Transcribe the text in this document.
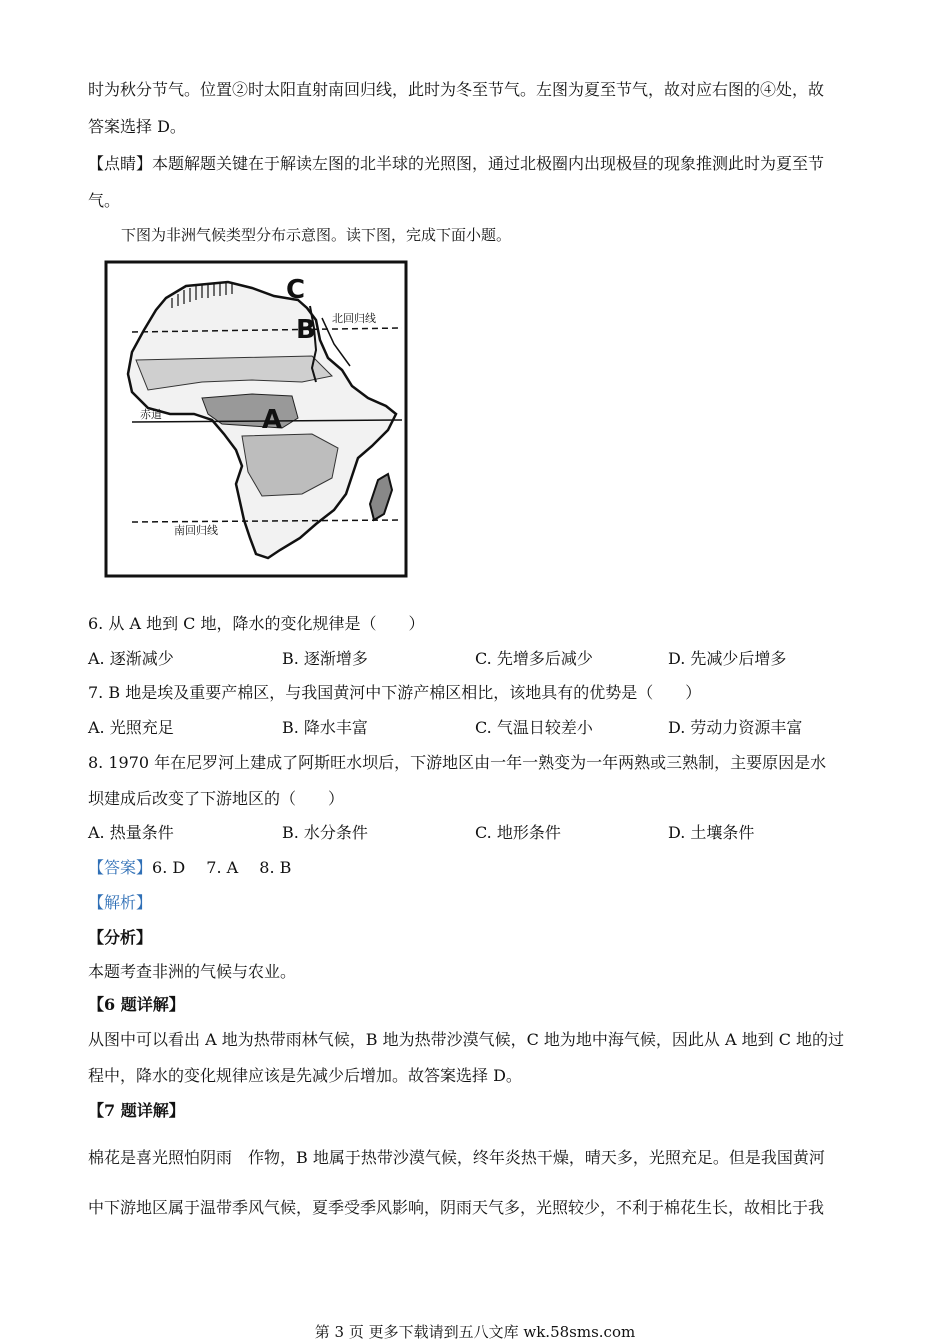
时为秋分节气。位置②时太阳直射南回归线，此时为冬至节气。左图为夏至节气，故对应右图的④处，故
答案选择 D。
【点睛】本题解题关键在于解读左图的北半球的光照图，通过北极圈内出现极昼的现象推测此时为夏至节
气。
下图为非洲气候类型分布示意图。读下图，完成下面小题。
北回归线
赤道
南回归线
C
B
A
6. 从 A 地到 C 地，降水的变化规律是（　　）
A. 逐渐减少	B. 逐渐增多	C. 先增多后减少	D. 先减少后增多
7. B 地是埃及重要产棉区，与我国黄河中下游产棉区相比，该地具有的优势是（　　）
A. 光照充足	B. 降水丰富	C. 气温日较差小	D. 劳动力资源丰富
8. 1970 年在尼罗河上建成了阿斯旺水坝后，下游地区由一年一熟变为一年两熟或三熟制，主要原因是水
坝建成后改变了下游地区的（　　）
A. 热量条件	B. 水分条件	C. 地形条件	D. 土壤条件
【答案】6. D　 7. A　 8. B
【解析】
【分析】
本题考查非洲的气候与农业。
【6 题详解】
从图中可以看出 A 地为热带雨林气候，B 地为热带沙漠气候，C 地为地中海气候，因此从 A 地到 C 地的过
程中，降水的变化规律应该是先减少后增加。故答案选择 D。
【7 题详解】
棉花是喜光照怕阴雨　作物，B 地属于热带沙漠气候，终年炎热干燥，晴天多，光照充足。但是我国黄河
中下游地区属于温带季风气候，夏季受季风影响，阴雨天气多，光照较少，不利于棉花生长，故相比于我
第 3 页 更多下载请到五八文库 wk.58sms.com
